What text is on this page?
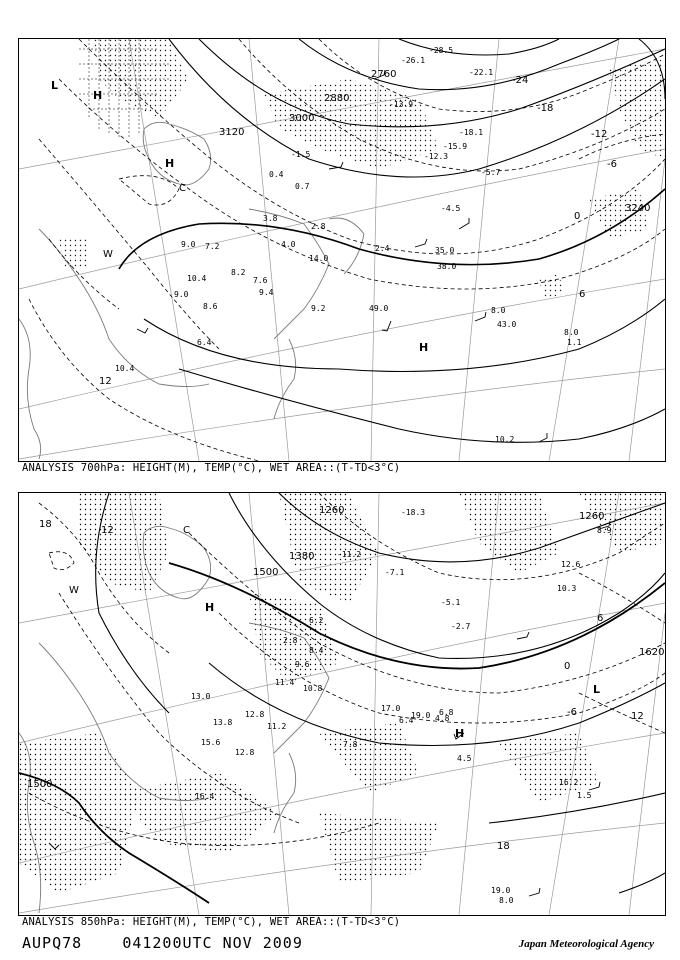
2760
2880
3000
3120
3240
-24
-18
-12
-6
0
6
12
W
C
H
H
L
H
-28.5
-26.1
-22.1
-18.1
-15.9
-12.3
-13.9
-5.7
-4.5
-1.5
0.4
0.7
2.8
3.8
4.0	2.4
9.0 7.2
8.2
7.6
10.4
8.6
9.4
9.2
6.4
10.4
9.0
8.0
8.0
10.2
38.0
49.0
43.0
35.0
14.0
1.1
ANALYSIS 700hPa: HEIGHT(M), TEMP(°C), WET AREA::(T-TD<3°C)
1260
1380
1500
1500
1620
1260
18
12
6
0
-6	12
18
W
C
H
H
L
-18.3
-11.2
-7.1
-5.1
-2.7
6.2
2.8
8.4
9.6
11.4
10.8
12.8
11.2
13.0
13.8
15.6
16.4
12.8
17.0
19.0
6.4	4.8
7.8
6.8
10.3
8.9
16.2
19.0
12.6
4.5
1.5
8.0
ANALYSIS 850hPa: HEIGHT(M), TEMP(°C), WET AREA::(T-TD<3°C)
AUPQ78	041200UTC NOV 2009	Japan Meteorological Agency
